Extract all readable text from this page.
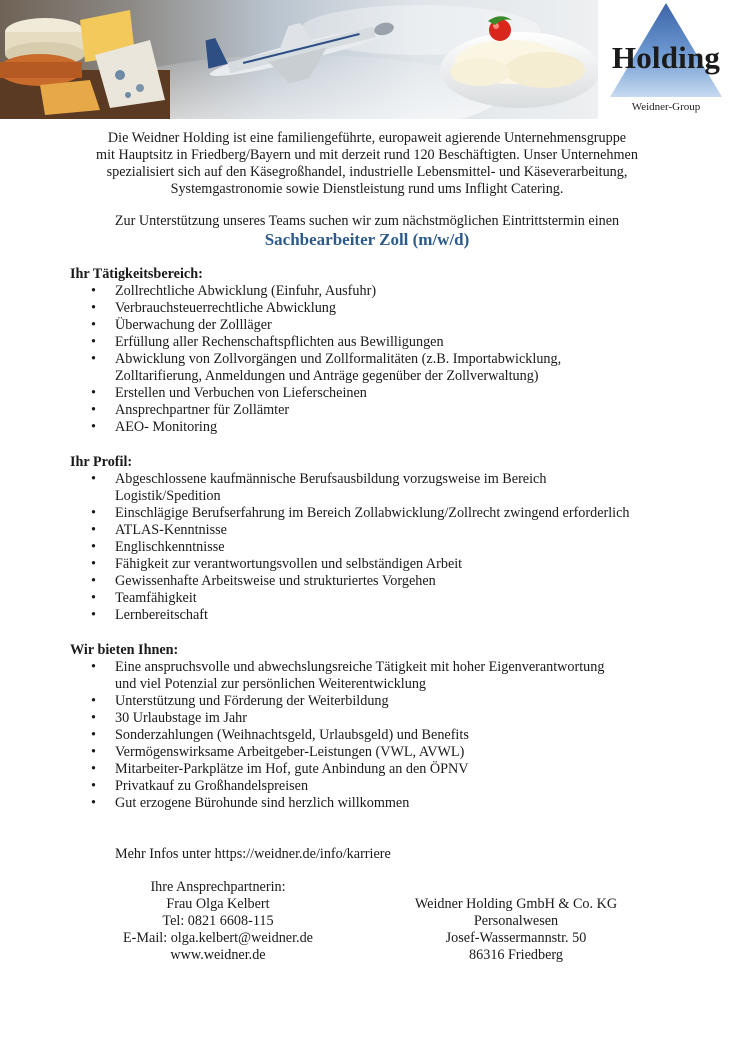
Holding
Weidner-Group

Die Weidner Holding ist eine familiengeführte, europaweit agierende Unternehmensgruppe

mit Hauptsitz in Friedberg/Bayern und mit derzeit rund 120 Beschäftigten. Unser Unternehmen

spezialisiert sich auf den Käsegroßhandel, industrielle Lebensmittel- und Käseverarbeitung,

Systemgastronomie sowie Dienstleistung rund ums Inflight Catering.

Zur Unterstützung unseres Teams suchen wir zum nächstmöglichen Eintrittstermin einen
Sachbearbeiter Zoll (m/w/d)
Ihr Tätigkeitsbereich:
• Zollrechtliche Abwicklung (Einfuhr, Ausfuhr)
• Verbrauchsteuerrechtliche Abwicklung
• Überwachung der Zollläger
• Erfüllung aller Rechenschaftspflichten aus Bewilligungen
• Abwicklung von Zollvorgängen und Zollformalitäten (z.B. Importabwicklung,
Zolltarifierung, Anmeldungen und Anträge gegenüber der Zollverwaltung)
• Erstellen und Verbuchen von Lieferscheinen
• Ansprechpartner für Zollämter
• AEO- Monitoring
Ihr Profil:
• Abgeschlossene kaufmännische Berufsausbildung vorzugsweise im Bereich
Logistik/Spedition
• Einschlägige Berufserfahrung im Bereich Zollabwicklung/Zollrecht zwingend erforderlich
• ATLAS-Kenntnisse
• Englischkenntnisse
• Fähigkeit zur verantwortungsvollen und selbständigen Arbeit
• Gewissenhafte Arbeitsweise und strukturiertes Vorgehen
• Teamfähigkeit
• Lernbereitschaft
Wir bieten Ihnen:
• Eine anspruchsvolle und abwechslungsreiche Tätigkeit mit hoher Eigenverantwortung
und viel Potenzial zur persönlichen Weiterentwicklung
• Unterstützung und Förderung der Weiterbildung
• 30 Urlaubstage im Jahr
• Sonderzahlungen (Weihnachtsgeld, Urlaubsgeld) und Benefits
• Vermögenswirksame Arbeitgeber-Leistungen (VWL, AVWL)
• Mitarbeiter-Parkplätze im Hof, gute Anbindung an den ÖPNV
• Privatkauf zu Großhandelspreisen
• Gut erzogene Bürohunde sind herzlich willkommen
Mehr Infos unter https://weidner.de/info/karriere
Ihre Ansprechpartnerin:
Frau Olga Kelbert
Tel: 0821 6608-115
E-Mail: olga.kelbert@weidner.de
www.weidner.de
Weidner Holding GmbH & Co. KG
Personalwesen
Josef-Wassermannstr. 50
86316 Friedberg
